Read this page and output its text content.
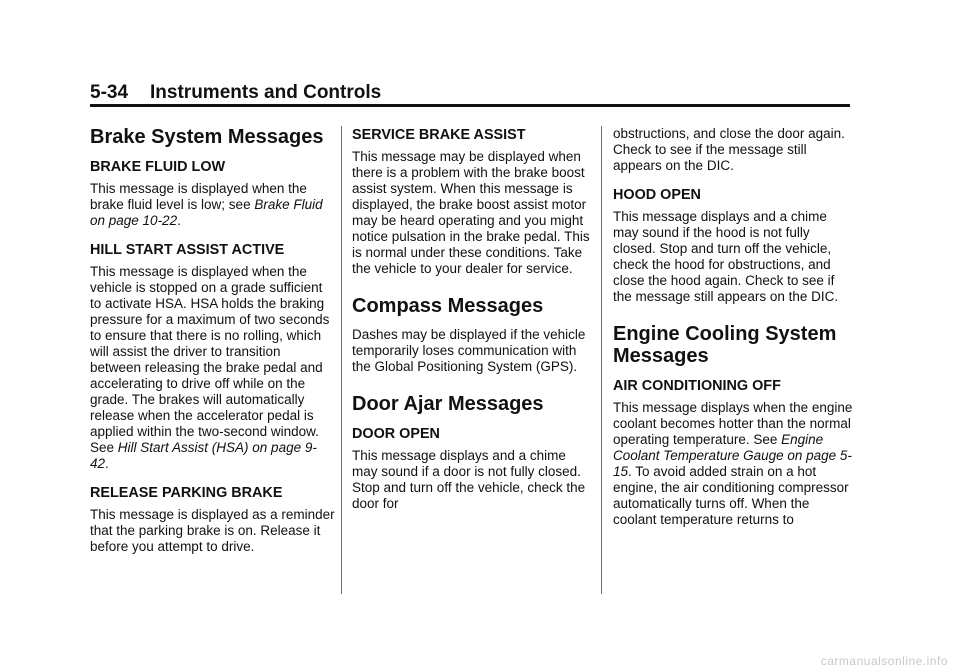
5-34 Instruments and Controls
Brake System Messages
BRAKE FLUID LOW
This message is displayed when the brake fluid level is low; see Brake Fluid on page 10-22.
HILL START ASSIST ACTIVE
This message is displayed when the vehicle is stopped on a grade sufficient to activate HSA. HSA holds the braking pressure for a maximum of two seconds to ensure that there is no rolling, which will assist the driver to transition between releasing the brake pedal and accelerating to drive off while on the grade. The brakes will automatically release when the accelerator pedal is applied within the two-second window. See Hill Start Assist (HSA) on page 9-42.
RELEASE PARKING BRAKE
This message is displayed as a reminder that the parking brake is on. Release it before you attempt to drive.
SERVICE BRAKE ASSIST
This message may be displayed when there is a problem with the brake boost assist system. When this message is displayed, the brake boost assist motor may be heard operating and you might notice pulsation in the brake pedal. This is normal under these conditions. Take the vehicle to your dealer for service.
Compass Messages
Dashes may be displayed if the vehicle temporarily loses communication with the Global Positioning System (GPS).
Door Ajar Messages
DOOR OPEN
This message displays and a chime may sound if a door is not fully closed. Stop and turn off the vehicle, check the door for
obstructions, and close the door again. Check to see if the message still appears on the DIC.
HOOD OPEN
This message displays and a chime may sound if the hood is not fully closed. Stop and turn off the vehicle, check the hood for obstructions, and close the hood again. Check to see if the message still appears on the DIC.
Engine Cooling System Messages
AIR CONDITIONING OFF
This message displays when the engine coolant becomes hotter than the normal operating temperature. See Engine Coolant Temperature Gauge on page 5-15. To avoid added strain on a hot engine, the air conditioning compressor automatically turns off. When the coolant temperature returns to
carmanualsonline.info
